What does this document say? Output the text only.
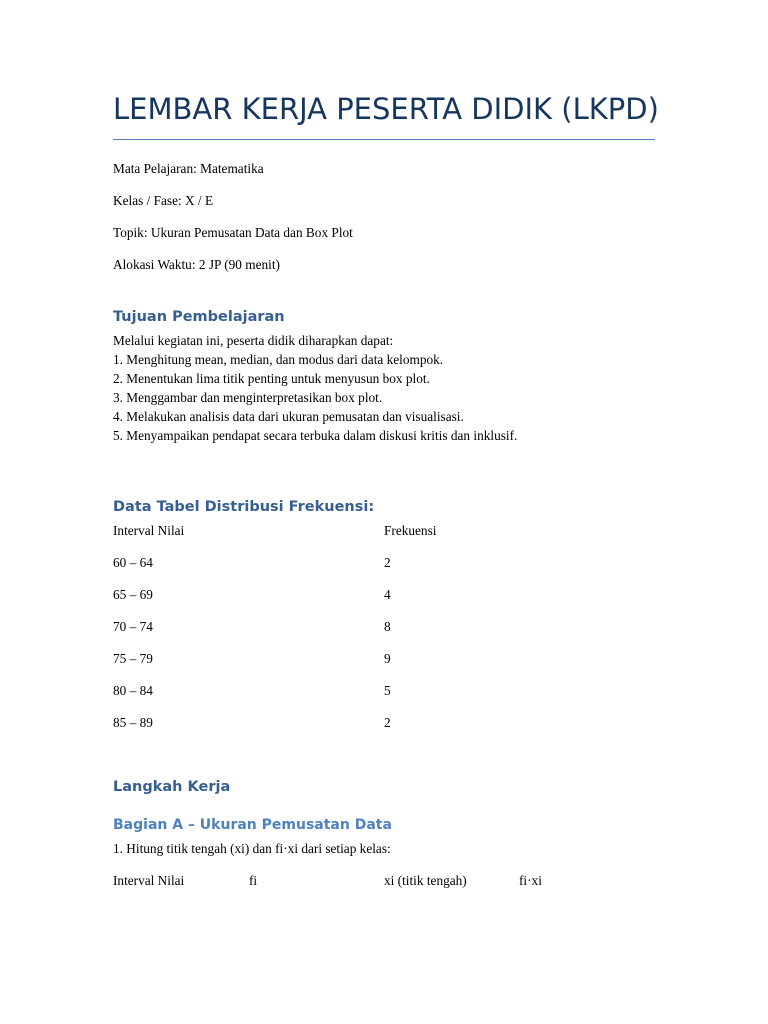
LEMBAR KERJA PESERTA DIDIK (LKPD)

Mata Pelajaran: Matematika

Kelas / Fase: X / E

Topik: Ukuran Pemusatan Data dan Box Plot

Alokasi Waktu: 2 JP (90 menit)

Tujuan Pembelajaran

Melalui kegiatan ini, peserta didik diharapkan dapat:

1. Menghitung mean, median, dan modus dari data kelompok.

2. Menentukan lima titik penting untuk menyusun box plot.

3. Menggambar dan menginterpretasikan box plot.

4. Melakukan analisis data dari ukuran pemusatan dan visualisasi.

5. Menyampaikan pendapat secara terbuka dalam diskusi kritis dan inklusif.

Data Tabel Distribusi Frekuensi:
Interval Nilai	Frekuensi
60 – 64	2
65 – 69	4
70 – 74	8
75 – 79	9
80 – 84	5
85 – 89	2
Langkah Kerja
Bagian A – Ukuran Pemusatan Data

1. Hitung titik tengah (xi) dan fi·xi dari setiap kelas:

Interval Nilai	fi	xi (titik tengah)	fi·xi
